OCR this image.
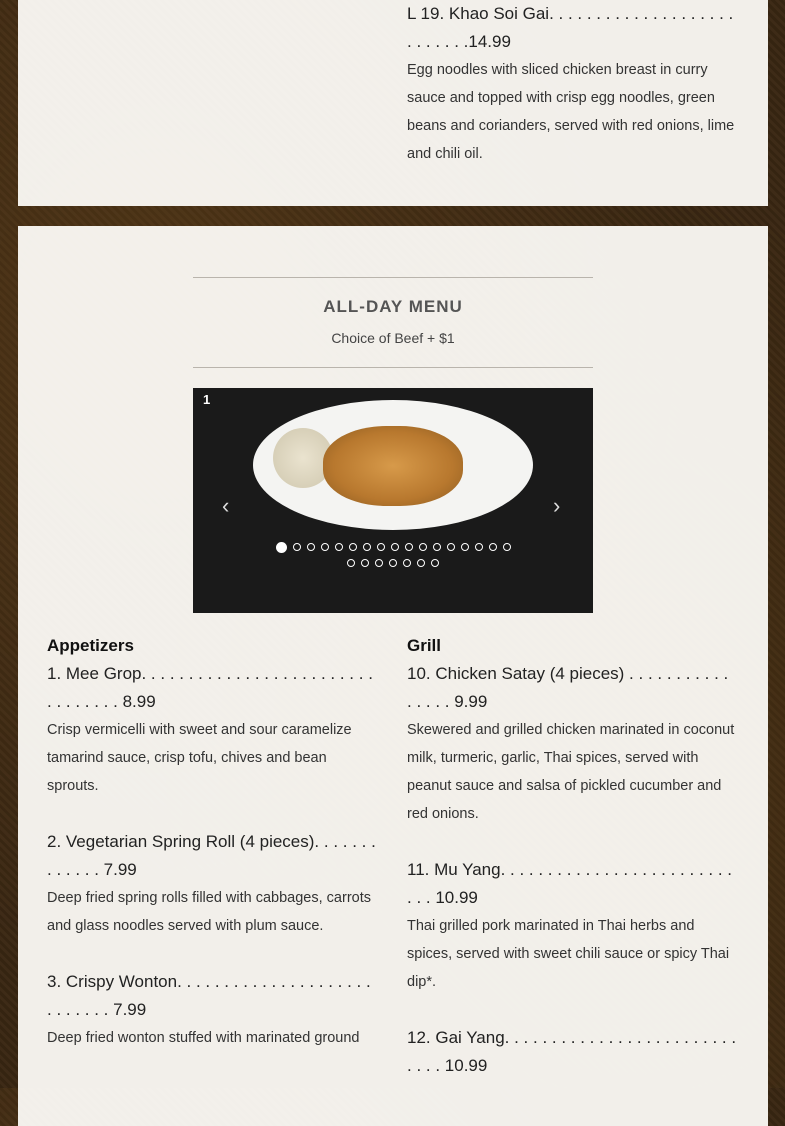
L 19. Khao Soi Gai. . . . . . . . . . . . . . . . . . . . . . . . . . .14.99
Egg noodles with sliced chicken breast in curry sauce and topped with crisp egg noodles, green beans and corianders, served with red onions, lime and chili oil.
ALL-DAY MENU
Choice of Beef + $1
1
‹	›
Appetizers
1. Mee Grop. . . . . . . . . . . . . . . . . . . . . . . . . . . . . . . . . 8.99
Crisp vermicelli with sweet and sour caramelize tamarind sauce, crisp tofu, chives and bean sprouts.
2. Vegetarian Spring Roll (4 pieces). . . . . . . . . . . . . 7.99
Deep fried spring rolls filled with cabbages, carrots and glass noodles served with plum sauce.
3. Crispy Wonton. . . . . . . . . . . . . . . . . . . . . . . . . . . . 7.99
Deep fried wonton stuffed with marinated ground
Grill
10. Chicken Satay (4 pieces) . . . . . . . . . . . . . . . . 9.99
Skewered and grilled chicken marinated in coconut milk, turmeric, garlic, Thai spices, served with peanut sauce and salsa of pickled cucumber and red onions.
11. Mu Yang. . . . . . . . . . . . . . . . . . . . . . . . . . . . 10.99
Thai grilled pork marinated in Thai herbs and spices, served with sweet chili sauce or spicy Thai dip*.
12. Gai Yang. . . . . . . . . . . . . . . . . . . . . . . . . . . . . 10.99
